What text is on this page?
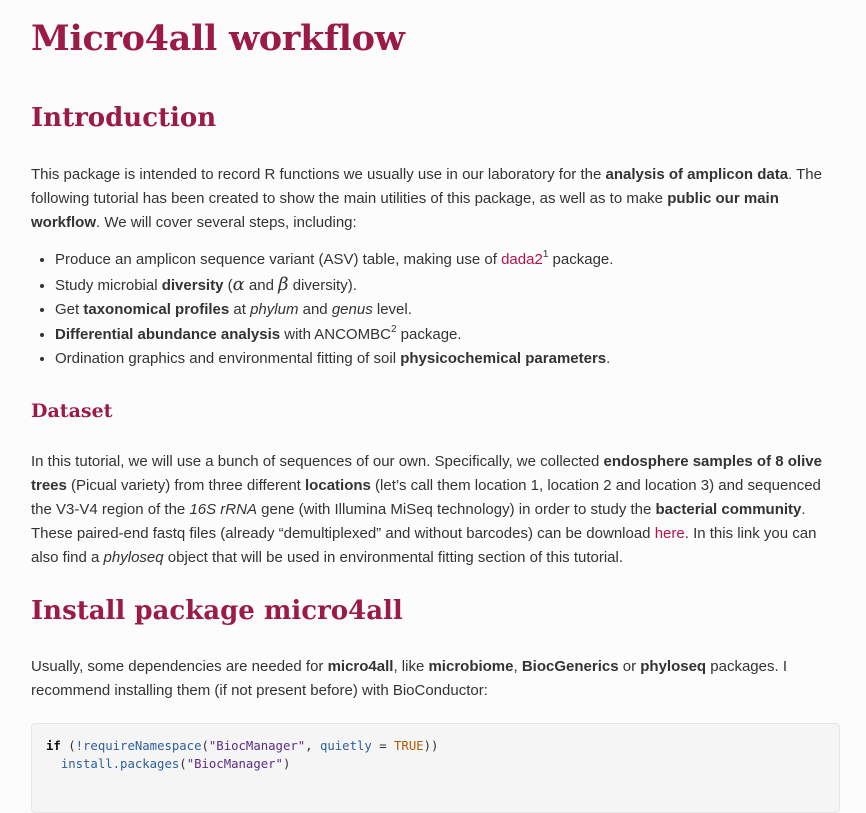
Micro4all workflow
Introduction

This package is intended to record R functions we usually use in our laboratory for the analysis of amplicon data. The following tutorial has been created to show the main utilities of this package, as well as to make public our main workflow. We will cover several steps, including:

• Produce an amplicon sequence variant (ASV) table, making use of $dada2^1$ package.
• Study microbial diversity (α and β diversity).
• Get taxonomical profiles at phylum and genus level.
• Differential abundance analysis with ANCOMBC$^2$ package.
• Ordination graphics and environmental fitting of soil physicochemical parameters.
Dataset

In this tutorial, we will use a bunch of sequences of our own. Specifically, we collected endosphere samples of 8 olive trees (Picual variety) from three different locations (let’s call them location 1, location 2 and location 3) and sequenced the V3-V4 region of the 16S rRNA gene (with Illumina MiSeq technology) in order to study the bacterial community. These paired-end fastq files (already “demultiplexed” and without barcodes) can be download here. In this link you can also find a phyloseq object that will be used in environmental fitting section of this tutorial.

Install package micro4all

Usually, some dependencies are needed for micro4all, like microbiome, BiocGenerics or phyloseq packages. I recommend installing them (if not present before) with BioConductor:

if (!requireNamespace("BiocManager", quietly = TRUE))
install.packages("BiocManager")
